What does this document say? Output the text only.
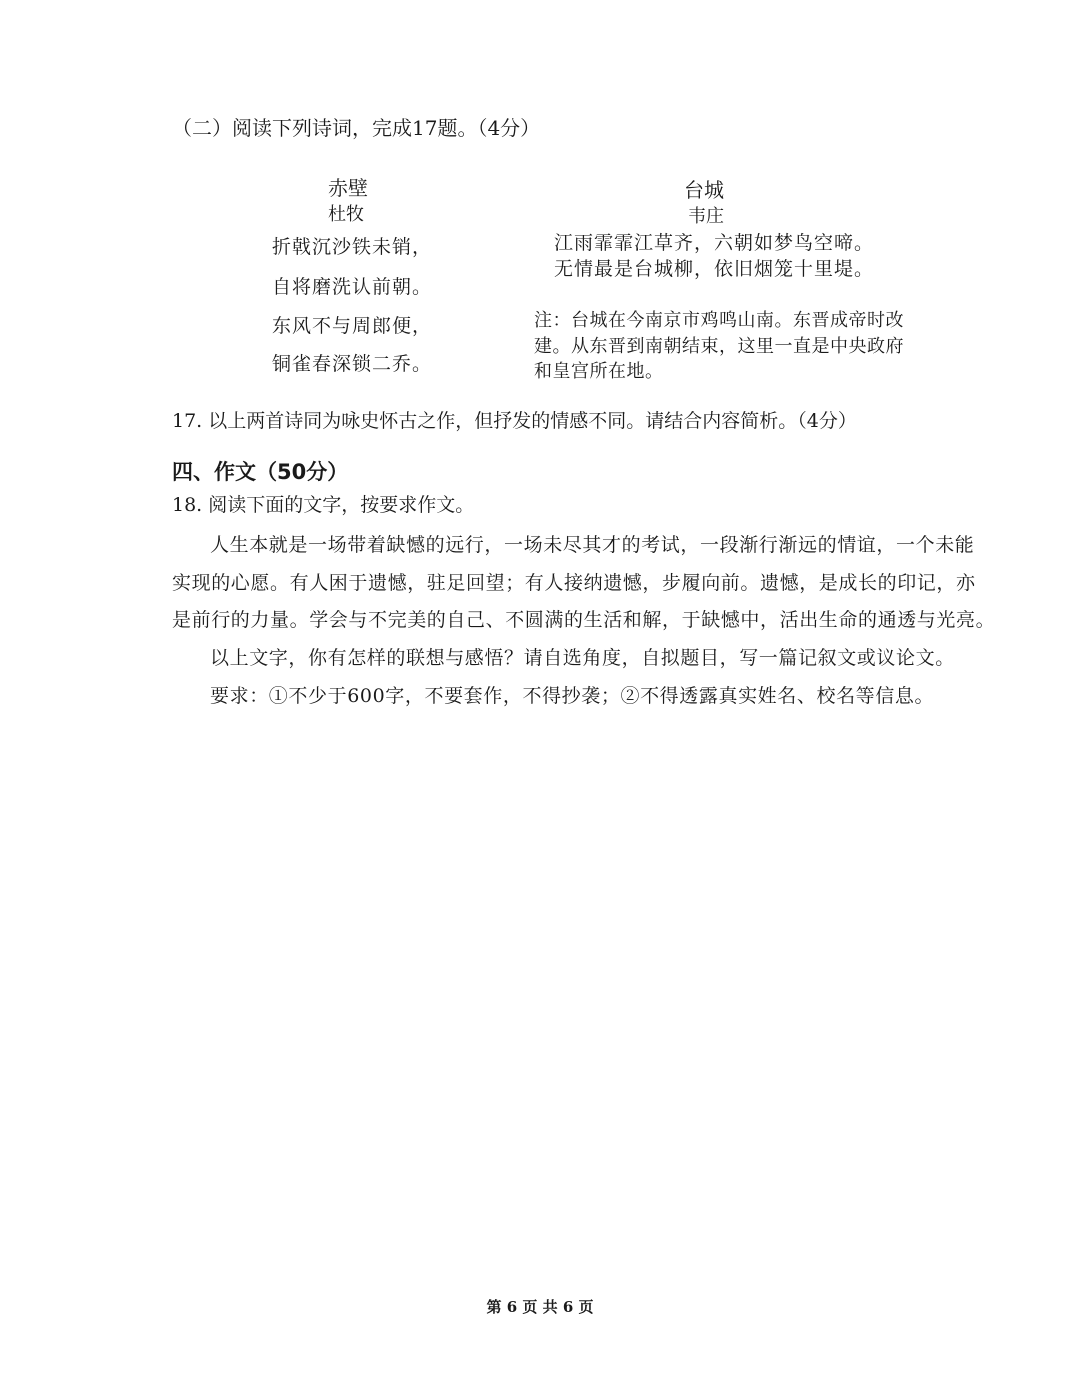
（二）阅读下列诗词，完成17题。（4分）
赤壁
杜牧
折戟沉沙铁未销，
自将磨洗认前朝。
东风不与周郎便，
铜雀春深锁二乔。
台城
韦庄
江雨霏霏江草齐，六朝如梦鸟空啼。
无情最是台城柳，依旧烟笼十里堤。
注：台城在今南京市鸡鸣山南。东晋成帝时改
建。从东晋到南朝结束，这里一直是中央政府
和皇宫所在地。
17. 以上两首诗同为咏史怀古之作，但抒发的情感不同。请结合内容简析。（4分）
四、作文（50分）
18. 阅读下面的文字，按要求作文。
人生本就是一场带着缺憾的远行，一场未尽其才的考试，一段渐行渐远的情谊，一个未能
实现的心愿。有人困于遗憾，驻足回望；有人接纳遗憾，步履向前。遗憾，是成长的印记，亦
是前行的力量。学会与不完美的自己、不圆满的生活和解，于缺憾中，活出生命的通透与光亮。
以上文字，你有怎样的联想与感悟？请自选角度，自拟题目，写一篇记叙文或议论文。
要求：①不少于600字，不要套作，不得抄袭；②不得透露真实姓名、校名等信息。
第 6 页 共 6 页
